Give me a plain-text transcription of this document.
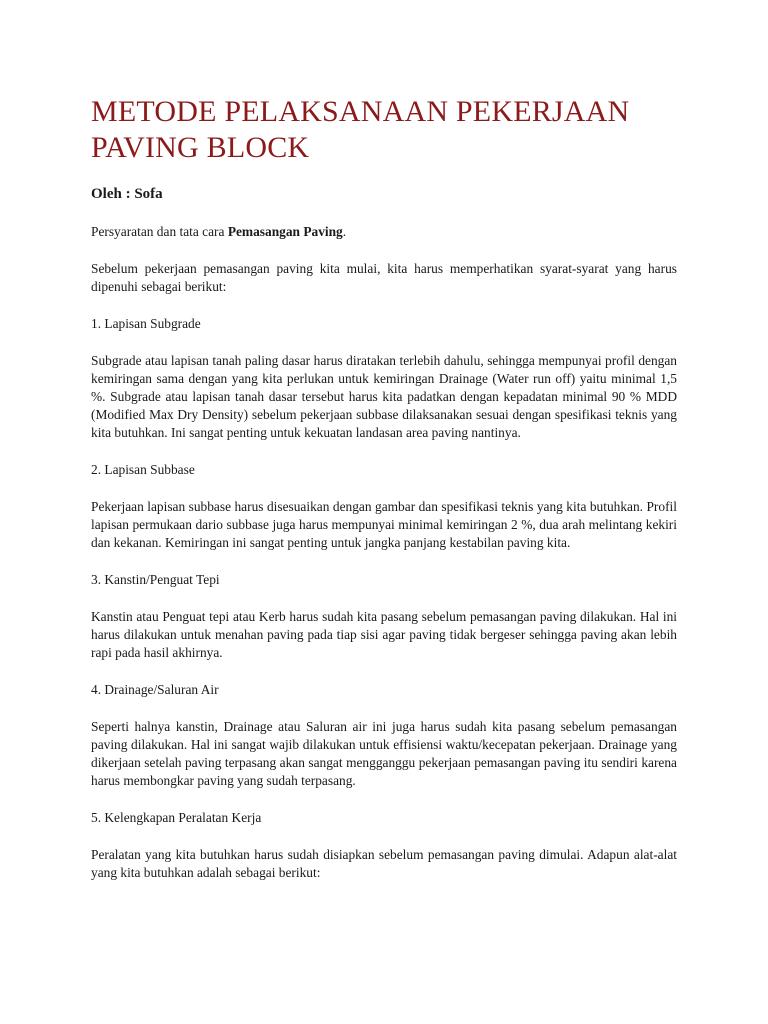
METODE PELAKSANAAN PEKERJAAN PAVING BLOCK

Oleh : Sofa

Persyaratan dan tata cara Pemasangan Paving.

Sebelum pekerjaan pemasangan paving kita mulai, kita harus memperhatikan syarat-syarat yang harus dipenuhi sebagai berikut:

1. Lapisan Subgrade

Subgrade atau lapisan tanah paling dasar harus diratakan terlebih dahulu, sehingga mempunyai profil dengan kemiringan sama dengan yang kita perlukan untuk kemiringan Drainage (Water run off) yaitu minimal 1,5 %. Subgrade atau lapisan tanah dasar tersebut harus kita padatkan dengan kepadatan minimal 90 % MDD (Modified Max Dry Density) sebelum pekerjaan subbase dilaksanakan sesuai dengan spesifikasi teknis yang kita butuhkan. Ini sangat penting untuk kekuatan landasan area paving nantinya.

2. Lapisan Subbase

Pekerjaan lapisan subbase harus disesuaikan dengan gambar dan spesifikasi teknis yang kita butuhkan. Profil lapisan permukaan dario subbase juga harus mempunyai minimal kemiringan 2 %, dua arah melintang kekiri dan kekanan. Kemiringan ini sangat penting untuk jangka panjang kestabilan paving kita.

3. Kanstin/Penguat Tepi

Kanstin atau Penguat tepi atau Kerb harus sudah kita pasang sebelum pemasangan paving dilakukan. Hal ini harus dilakukan untuk menahan paving pada tiap sisi agar paving tidak bergeser sehingga paving akan lebih rapi pada hasil akhirnya.

4. Drainage/Saluran Air

Seperti halnya kanstin, Drainage atau Saluran air ini juga harus sudah kita pasang sebelum pemasangan paving dilakukan. Hal ini sangat wajib dilakukan untuk effisiensi waktu/kecepatan pekerjaan. Drainage yang dikerjaan setelah paving terpasang akan sangat mengganggu pekerjaan pemasangan paving itu sendiri karena harus membongkar paving yang sudah terpasang.

5. Kelengkapan Peralatan Kerja

Peralatan yang kita butuhkan harus sudah disiapkan sebelum pemasangan paving dimulai. Adapun alat-alat yang kita butuhkan adalah sebagai berikut:
